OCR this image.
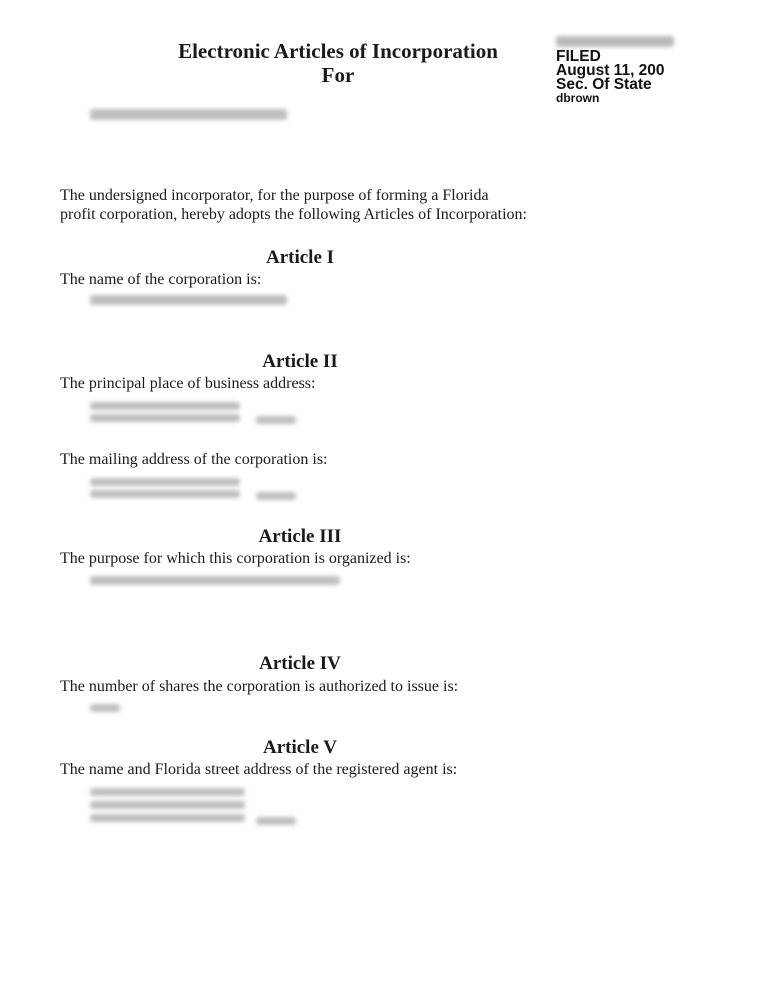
Electronic Articles of Incorporation
For
FILED
August 11, 200
Sec. Of State
dbrown
The undersigned incorporator, for the purpose of forming a Florida
profit corporation, hereby adopts the following Articles of Incorporation:
Article I
The name of the corporation is:
Article II
The principal place of business address:
The mailing address of the corporation is:
Article III
The purpose for which this corporation is organized is:
Article IV
The number of shares the corporation is authorized to issue is:
Article V
The name and Florida street address of the registered agent is:
